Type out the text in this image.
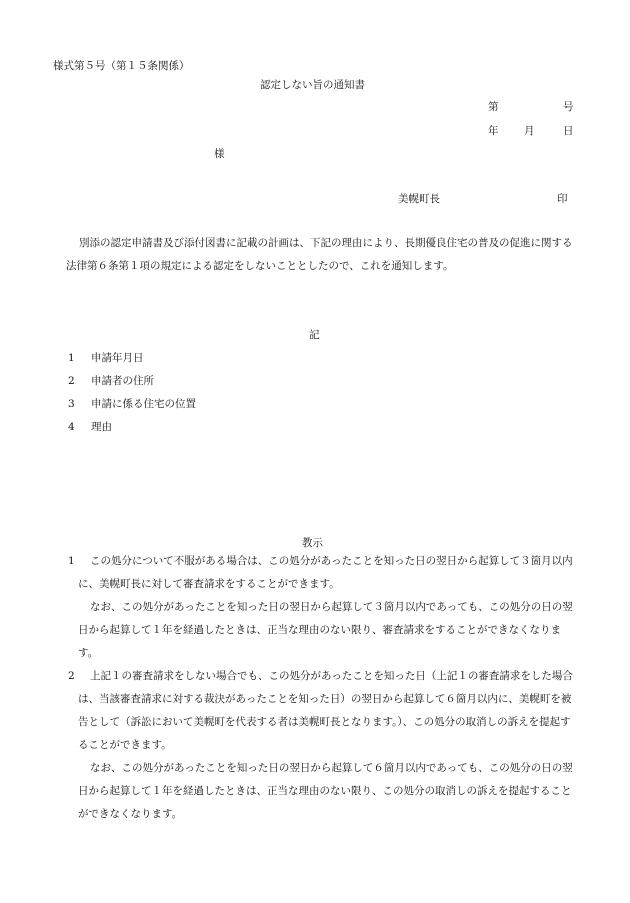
様式第５号（第１５条関係）
認定しない旨の通知書
第	号
年 月	日
様
美幌町長	印

別添の認定申請書及び添付図書に記載の計画は、下記の理由により、長期優良住宅の普及の促進に関する法律第６条第１項の規定による認定をしないこととしたので、これを通知します。

記
1 申請年月日
2 申請者の住所
3 申請に係る住宅の位置
4 理由
教示
1	この処分について不服がある場合は、この処分があったことを知った日の翌日から起算して３箇月以内に、美幌町長に対して審査請求をすることができます。

なお、この処分があったことを知った日の翌日から起算して３箇月以内であっても、この処分の日の翌日から起算して１年を経過したときは、正当な理由のない限り、審査請求をすることができなくなります。

2	上記１の審査請求をしない場合でも、この処分があったことを知った日（上記１の審査請求をした場合は、当該審査請求に対する裁決があったことを知った日）の翌日から起算して６箇月以内に、美幌町を被告として（訴訟において美幌町を代表する者は美幌町長となります。）、この処分の取消しの訴えを提起することができます。

なお、この処分があったことを知った日の翌日から起算して６箇月以内であっても、この処分の日の翌日から起算して１年を経過したときは、正当な理由のない限り、この処分の取消しの訴えを提起することができなくなります。
